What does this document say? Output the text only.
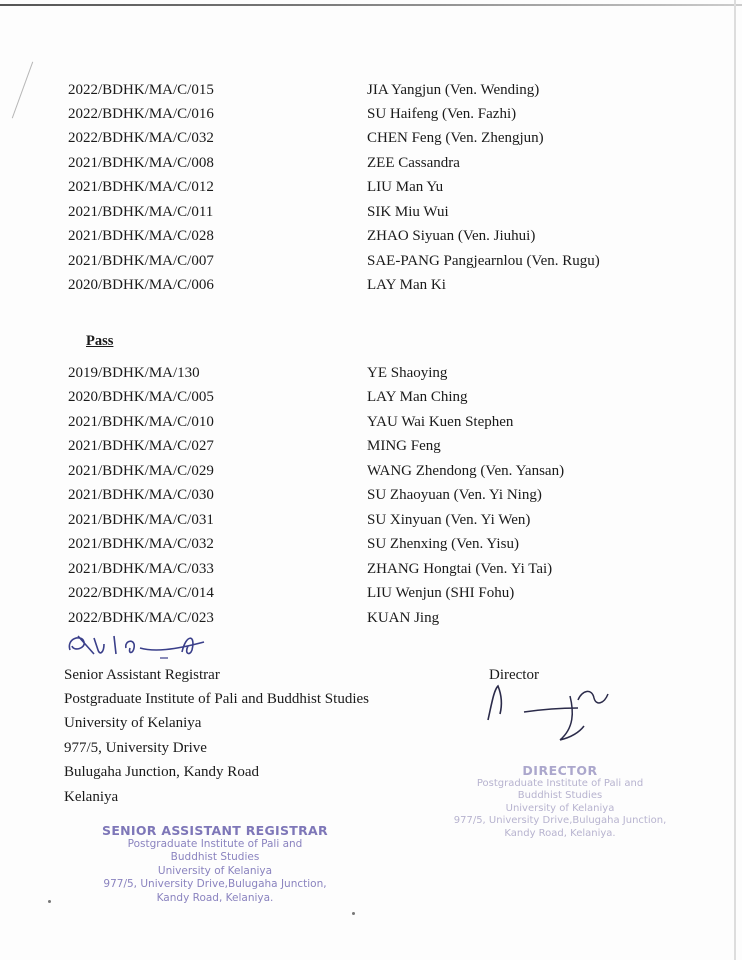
2022/BDHK/MA/C/015	JIA Yangjun (Ven. Wending)
2022/BDHK/MA/C/016	SU Haifeng (Ven. Fazhi)
2022/BDHK/MA/C/032	CHEN Feng (Ven. Zhengjun)
2021/BDHK/MA/C/008	ZEE Cassandra
2021/BDHK/MA/C/012	LIU Man Yu
2021/BDHK/MA/C/011	SIK Miu Wui
2021/BDHK/MA/C/028	ZHAO Siyuan (Ven. Jiuhui)
2021/BDHK/MA/C/007	SAE-PANG Pangjearnlou (Ven. Rugu)
2020/BDHK/MA/C/006	LAY Man Ki
Pass
2019/BDHK/MA/130	YE Shaoying
2020/BDHK/MA/C/005	LAY Man Ching
2021/BDHK/MA/C/010	YAU Wai Kuen Stephen
2021/BDHK/MA/C/027	MING Feng
2021/BDHK/MA/C/029	WANG Zhendong (Ven. Yansan)
2021/BDHK/MA/C/030	SU Zhaoyuan (Ven. Yi Ning)
2021/BDHK/MA/C/031	SU Xinyuan (Ven. Yi Wen)
2021/BDHK/MA/C/032	SU Zhenxing (Ven. Yisu)
2021/BDHK/MA/C/033	ZHANG Hongtai (Ven. Yi Tai)
2022/BDHK/MA/C/014	LIU Wenjun (SHI Fohu)
2022/BDHK/MA/C/023	KUAN Jing
Senior Assistant Registrar
Postgraduate Institute of Pali and Buddhist Studies
University of Kelaniya
977/5, University Drive
Bulugaha Junction, Kandy Road
Kelaniya
Director
DIRECTOR
Postgraduate Institute of Pali and
Buddhist Studies
University of Kelaniya
977/5, University Drive,Bulugaha Junction,
Kandy Road, Kelaniya.
SENIOR ASSISTANT REGISTRAR
Postgraduate Institute of Pali and
Buddhist Studies
University of Kelaniya
977/5, University Drive,Bulugaha Junction,
Kandy Road, Kelaniya.
